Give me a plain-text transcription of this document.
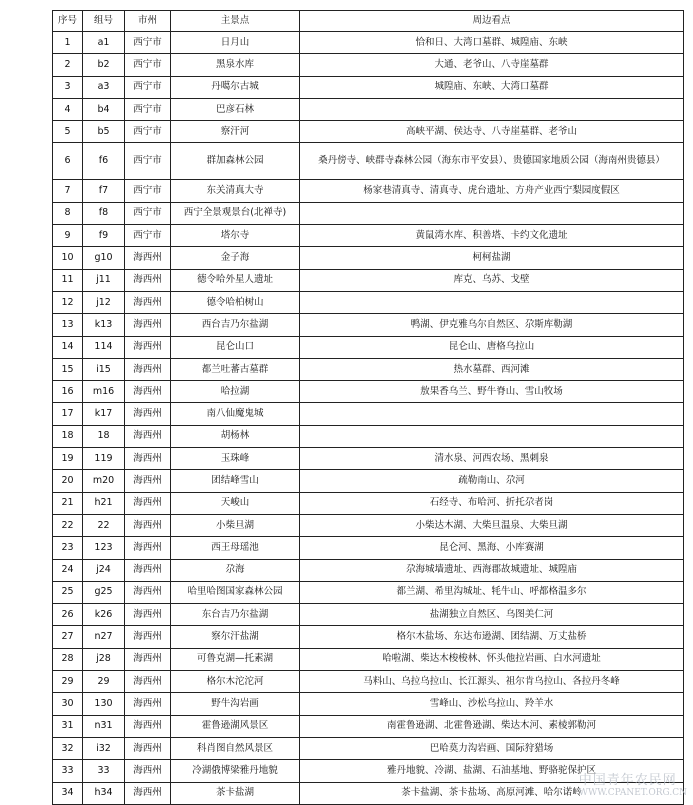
序号	组号	市州	主景点	周边看点
1	a1	西宁市	日月山	恰和日、大湾口墓群、城隍庙、东峡
2	b2	西宁市	黑泉水库	大通、老爷山、八寺崖墓群
3	a3	西宁市	丹噶尔古城	城隍庙、东峡、大湾口墓群
4	b4	西宁市	巴彦石林	
5	b5	西宁市	察汗河	高峡平湖、侯达寺、八寺崖墓群、老爷山
6	f6	西宁市	群加森林公园	桑丹傍寺、峡群寺森林公园（海东市平安县）、贵德国家地质公园（海南州贵德县）
7	f7	西宁市	东关清真大寺	杨家巷清真寺、清真寺、虎台遗址、方舟产业西宁梨园度假区
8	f8	西宁市	西宁全景观景台(北禅寺)	
9	f9	西宁市	塔尔寺	黄鼠湾水库、积善塔、卡约文化遗址
10	g10	海西州	金子海	柯柯盐湖
11	j11	海西州	德令哈外星人遗址	库克、乌苏、戈壁
12	j12	海西州	德令哈柏树山	
13	k13	海西州	西台吉乃尔盐湖	鸭湖、伊克雅乌尔自然区、尕斯库勒湖
14	114	海西州	昆仑山口	昆仑山、唐格乌拉山
15	i15	海西州	都兰吐蕃古墓群	热水墓群、西河滩
16	m16	海西州	哈拉湖	敖果香乌兰、野牛脊山、雪山牧场
17	k17	海西州	南八仙魔鬼城	
18	18	海西州	胡杨林	
19	119	海西州	玉珠峰	清水泉、河西农场、黑刺泉
20	m20	海西州	团结峰雪山	疏勒南山、尕河
21	h21	海西州	天峻山	石经寺、布哈河、折托尕者岗
22	22	海西州	小柴旦湖	小柴达木湖、大柴旦温泉、大柴旦湖
23	123	海西州	西王母瑶池	昆仑河、黑海、小库赛湖
24	j24	海西州	尕海	尕海城墙遗址、西海郡故城遗址、城隍庙
25	g25	海西州	哈里哈图国家森林公园	都兰湖、希里沟城址、牦牛山、呼都格温多尔
26	k26	海西州	东台吉乃尔盐湖	盐湖独立自然区、乌图美仁河
27	n27	海西州	察尔汗盐湖	格尔木盐场、东达布逊湖、团结湖、万丈盐桥
28	j28	海西州	可鲁克湖—托素湖	哈啦湖、柴达木梭梭林、怀头他拉岩画、白水河遗址
29	29	海西州	格尔木沱沱河	马料山、乌拉乌拉山、长江源头、祖尔肯乌拉山、各拉丹冬峰
30	130	海西州	野牛沟岩画	雪峰山、沙松乌拉山、羚羊水
31	n31	海西州	霍鲁逊湖风景区	南霍鲁逊湖、北霍鲁逊湖、柴达木河、素棱郭勒河
32	i32	海西州	科肖图自然风景区	巴哈莫力沟岩画、国际狩猎场
33	33	海西州	冷湖俄博梁雅丹地貌	雅丹地貌、冷湖、盐湖、石油基地、野骆驼保护区
34	h34	海西州	茶卡盐湖	茶卡盐湖、茶卡盐场、高原河滩、哈尔诺岭
中国青年农民网
WWW.CPANET.ORG.CN
